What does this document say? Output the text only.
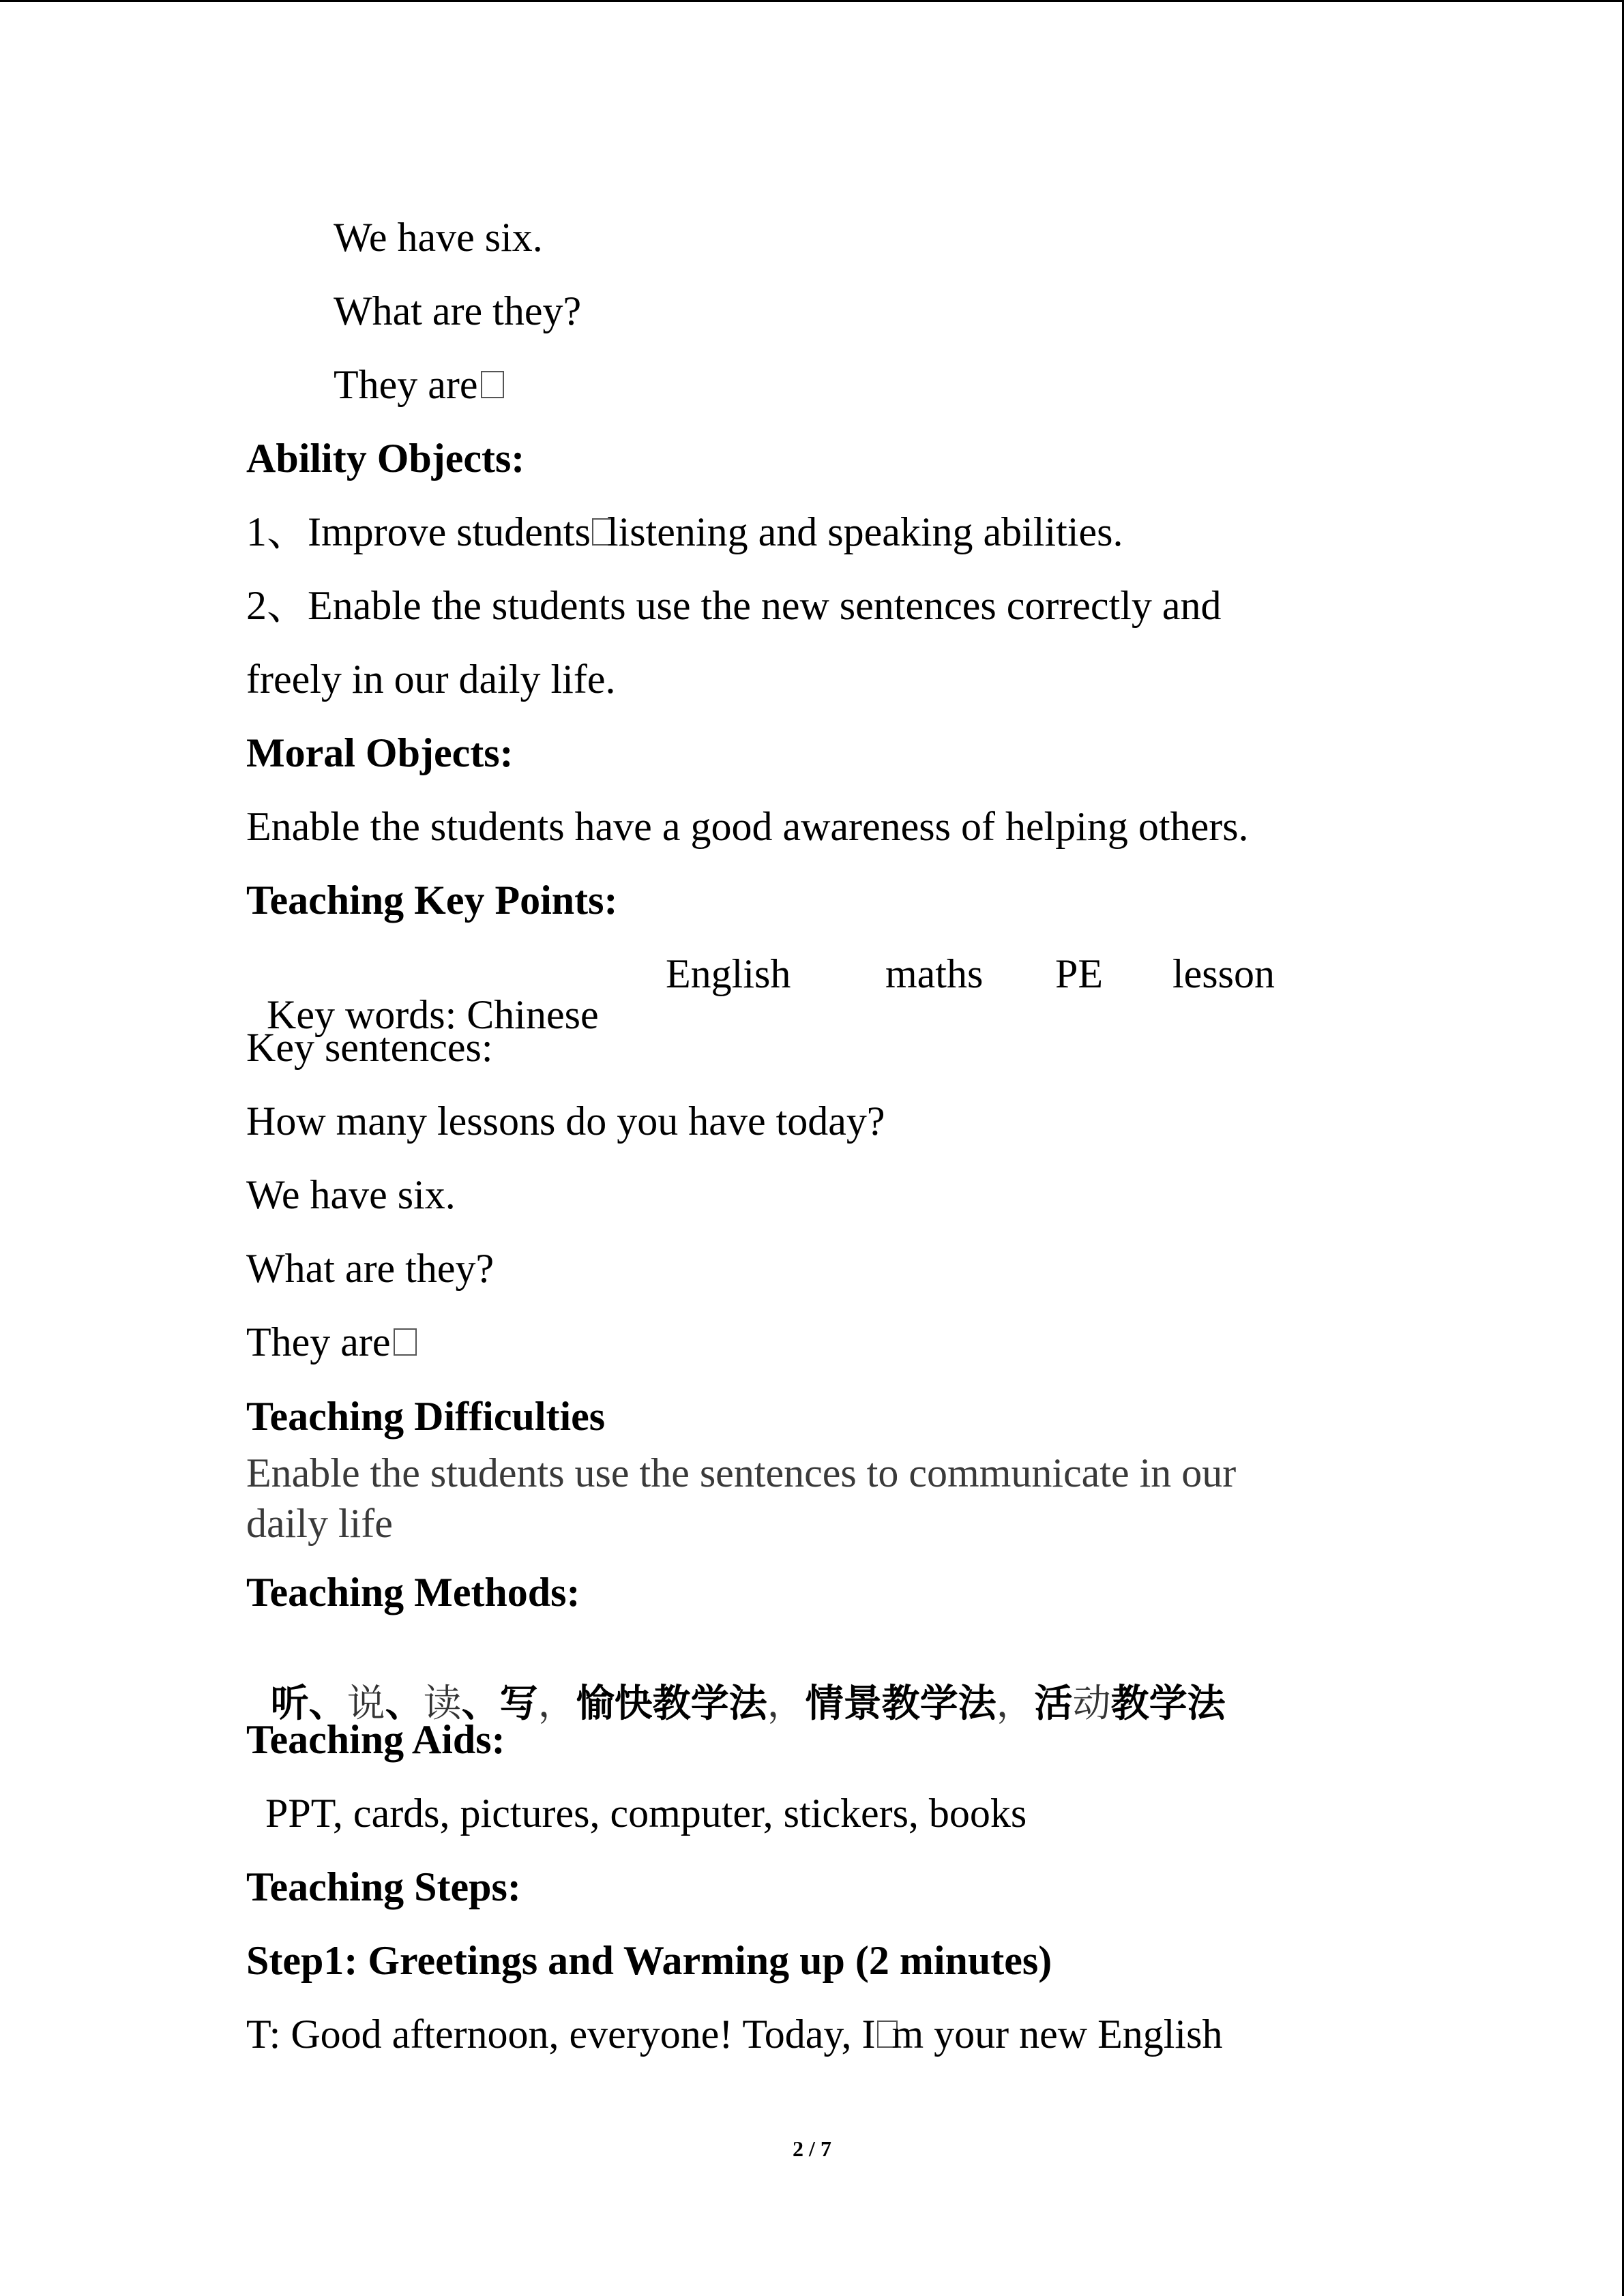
We have six.
What are they?
They are
Ability Objects:
1、Improve students listening and speaking abilities.
2、Enable the students use the new sentences correctly and
freely in our daily life.
Moral Objects:
Enable the students have a good awareness of helping others.
Teaching Key Points:

Key words: Chinese

English

maths

PE

lesson

Key sentences:
How many lessons do you have today?
We have six.
What are they?
They are
Teaching Difficulties
Enable the students use the sentences to communicate in our
daily life
Teaching Methods:

听、说、读、写，愉快教学法，情景教学法，活动教学法

Teaching Aids:
PPT, cards, pictures, computer, stickers, books
Teaching Steps:
Step1: Greetings and Warming up (2 minutes)
T: Good afternoon, everyone! Today, I m your new English
2 / 7
